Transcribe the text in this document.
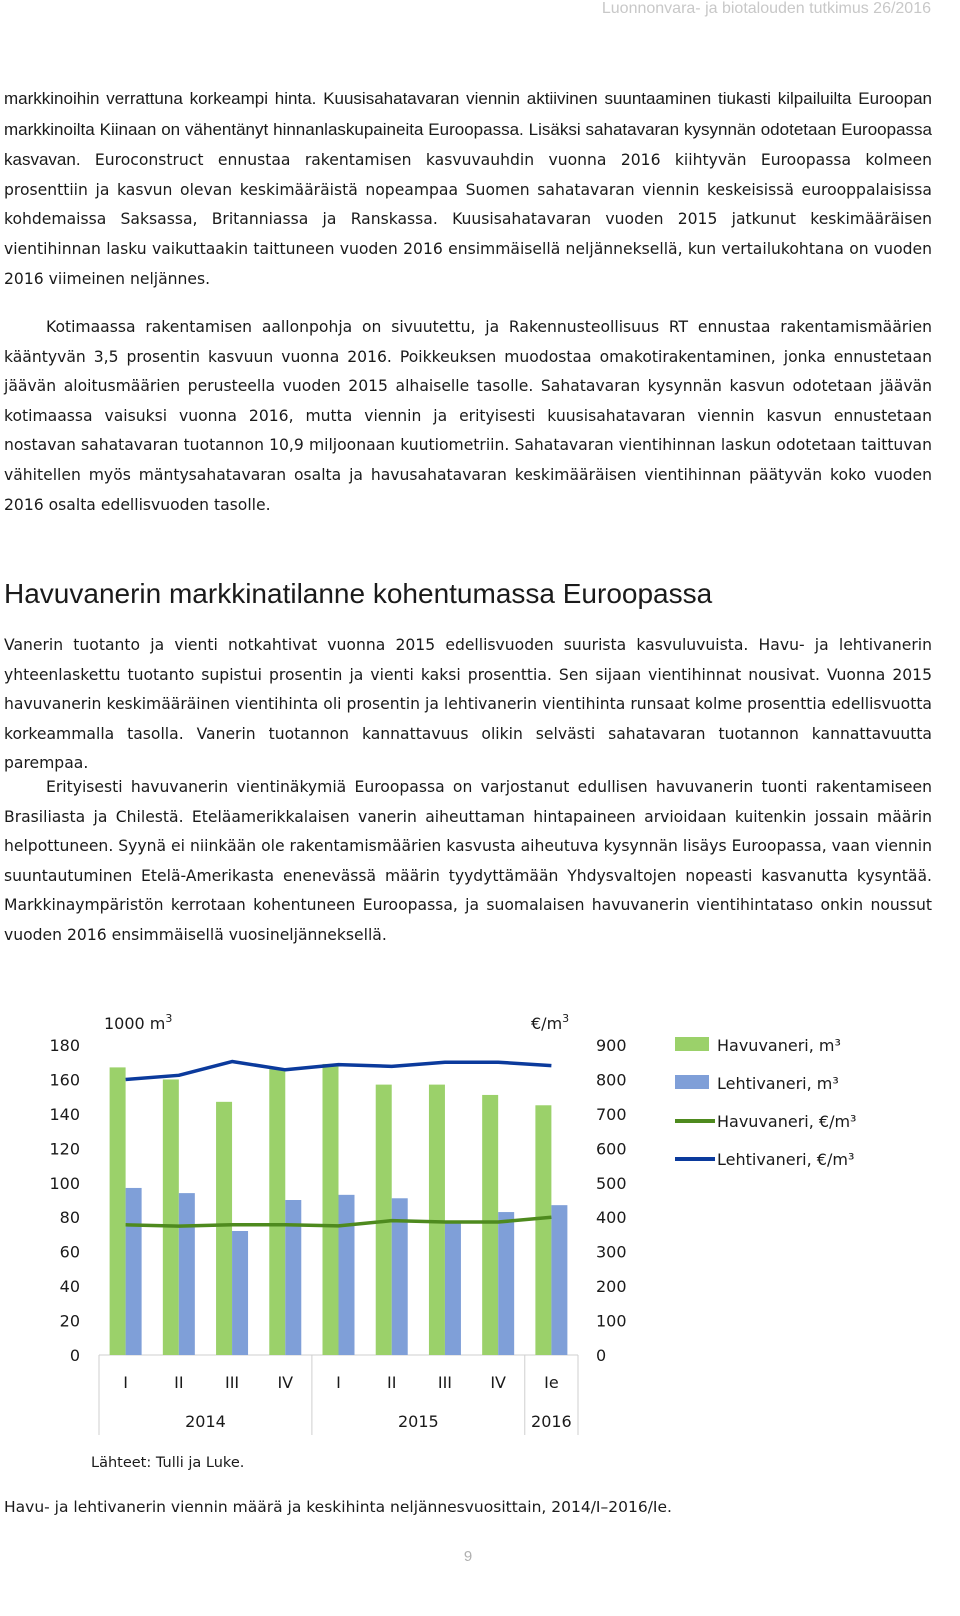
Luonnonvara- ja biotalouden tutkimus 26/2016

markkinoihin verrattuna korkeampi hinta. Kuusisahatavaran viennin aktiivinen suuntaaminen tiukasti kilpailuilta Euroopan markkinoilta Kiinaan on vähentänyt hinnanlaskupaineita Euroopassa. Lisäksi sahatavaran kysynnän odotetaan Euroopassa kasvavan. Euroconstruct ennustaa rakentamisen kasvuvauhdin vuonna 2016 kiihtyvän Euroopassa kolmeen prosenttiin ja kasvun olevan keskimääräistä nopeampaa Suomen sahatavaran viennin keskeisissä eurooppalaisissa kohdemaissa Saksassa, Britanniassa ja Ranskassa. Kuusisahatavaran vuoden 2015 jatkunut keskimääräisen vientihinnan lasku vaikuttaakin taittuneen vuoden 2016 ensimmäisellä neljänneksellä, kun vertailukohtana on vuoden 2016 viimeinen neljännes.

Kotimaassa rakentamisen aallonpohja on sivuutettu, ja Rakennusteollisuus RT ennustaa rakentamismäärien kääntyvän 3,5 prosentin kasvuun vuonna 2016. Poikkeuksen muodostaa omakotirakentaminen, jonka ennustetaan jäävän aloitusmäärien perusteella vuoden 2015 alhaiselle tasolle. Sahatavaran kysynnän kasvun odotetaan jäävän kotimaassa vaisuksi vuonna 2016, mutta viennin ja erityisesti kuusisahatavaran viennin kasvun ennustetaan nostavan sahatavaran tuotannon 10,9 miljoonaan kuutiometriin. Sahatavaran vientihinnan laskun odotetaan taittuvan vähitellen myös mäntysahatavaran osalta ja havusahatavaran keskimääräisen vientihinnan päätyvän koko vuoden 2016 osalta edellisvuoden tasolle.

Havuvanerin markkinatilanne kohentumassa Euroopassa

Vanerin tuotanto ja vienti notkahtivat vuonna 2015 edellisvuoden suurista kasvuluvuista. Havu- ja lehtivanerin yhteenlaskettu tuotanto supistui prosentin ja vienti kaksi prosenttia. Sen sijaan vientihinnat nousivat. Vuonna 2015 havuvanerin keskimääräinen vientihinta oli prosentin ja lehtivanerin vientihinta runsaat kolme prosenttia edellisvuotta korkeammalla tasolla. Vanerin tuotannon kannattavuus olikin selvästi sahatavaran tuotannon kannattavuutta parempaa.

Erityisesti havuvanerin vientinäkymiä Euroopassa on varjostanut edullisen havuvanerin tuonti rakentamiseen Brasiliasta ja Chilestä. Eteläamerikkalaisen vanerin aiheuttaman hintapaineen arvioidaan kuitenkin jossain määrin helpottuneen. Syynä ei niinkään ole rakentamismäärien kasvusta aiheutuva kysynnän lisäys Euroopassa, vaan viennin suuntautuminen Etelä-Amerikasta enenevässä määrin tyydyttämään Yhdysvaltojen nopeasti kasvanutta kysyntää. Markkinaympäristön kerrotaan kohentuneen Euroopassa, ja suomalaisen havuvanerin vientihintataso onkin noussut vuoden 2016 ensimmäisellä vuosineljänneksellä.

0
20
40
60
80
100
120
140
160
180
0
100
200
300
400
500
600
700
800
900
I	II	III IV	I	II	III IV Ie
2014	2015	2016
Havuvaneri, m³
Lehtivaneri, m³
Havuvaneri, €/m³
Lehtivaneri, €/m³
1000 $m^3$	$€/m^3$
Lähteet: Tulli ja Luke.
Havu- ja lehtivanerin viennin määrä ja keskihinta neljännesvuosittain, 2014/I–2016/Ie.
9
